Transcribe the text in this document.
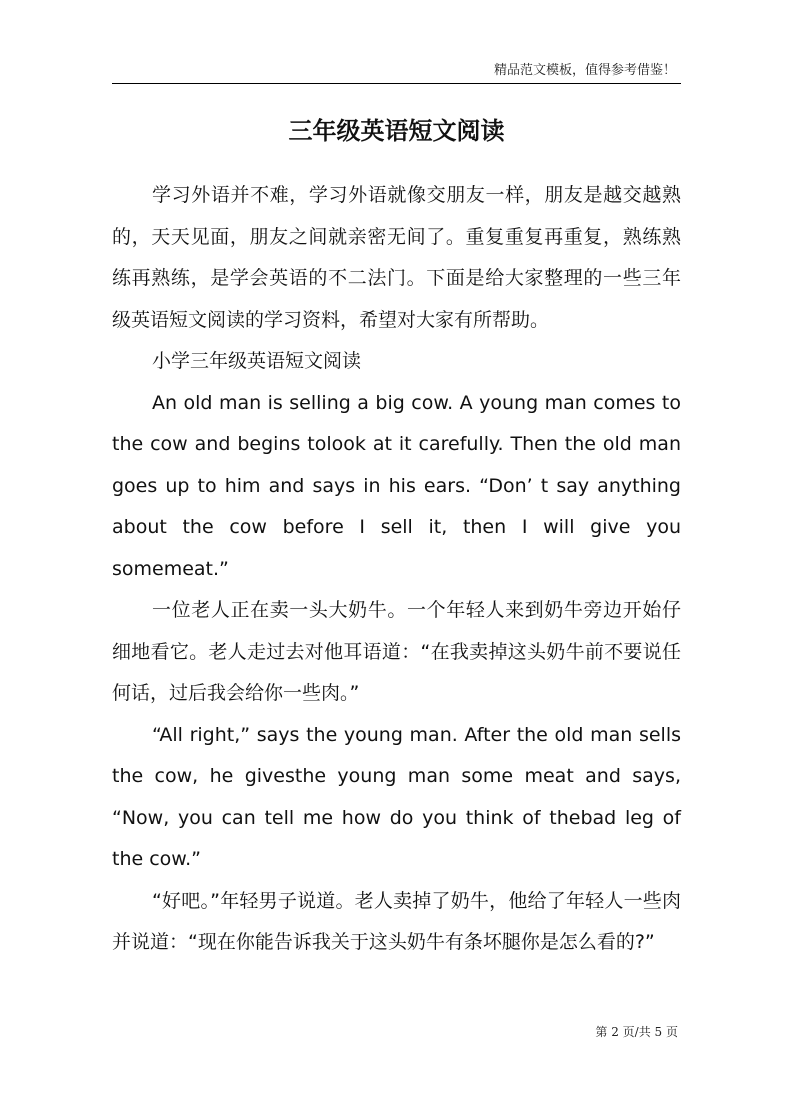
精品范文模板，值得参考借鉴！
三年级英语短文阅读

学习外语并不难，学习外语就像交朋友一样，朋友是越交越熟的，天天见面，朋友之间就亲密无间了。重复重复再重复，熟练熟练再熟练，是学会英语的不二法门。下面是给大家整理的一些三年级英语短文阅读的学习资料，希望对大家有所帮助。

小学三年级英语短文阅读

An old man is selling a big cow. A young man comes to the cow and begins tolook at it carefully. Then the old man goes up to him and says in his ears. “Don’ t say anything about the cow before I sell it, then I will give you somemeat.”

一位老人正在卖一头大奶牛。一个年轻人来到奶牛旁边开始仔细地看它。老人走过去对他耳语道：“在我卖掉这头奶牛前不要说任何话，过后我会给你一些肉。”

“All right,” says the young man. After the old man sells the cow, he givesthe young man some meat and says, “Now, you can tell me how do you think of thebad leg of the cow.”

“好吧。”年轻男子说道。老人卖掉了奶牛，他给了年轻人一些肉并说道：“现在你能告诉我关于这头奶牛有条坏腿你是怎么看的?”

第 2 页/共 5 页
